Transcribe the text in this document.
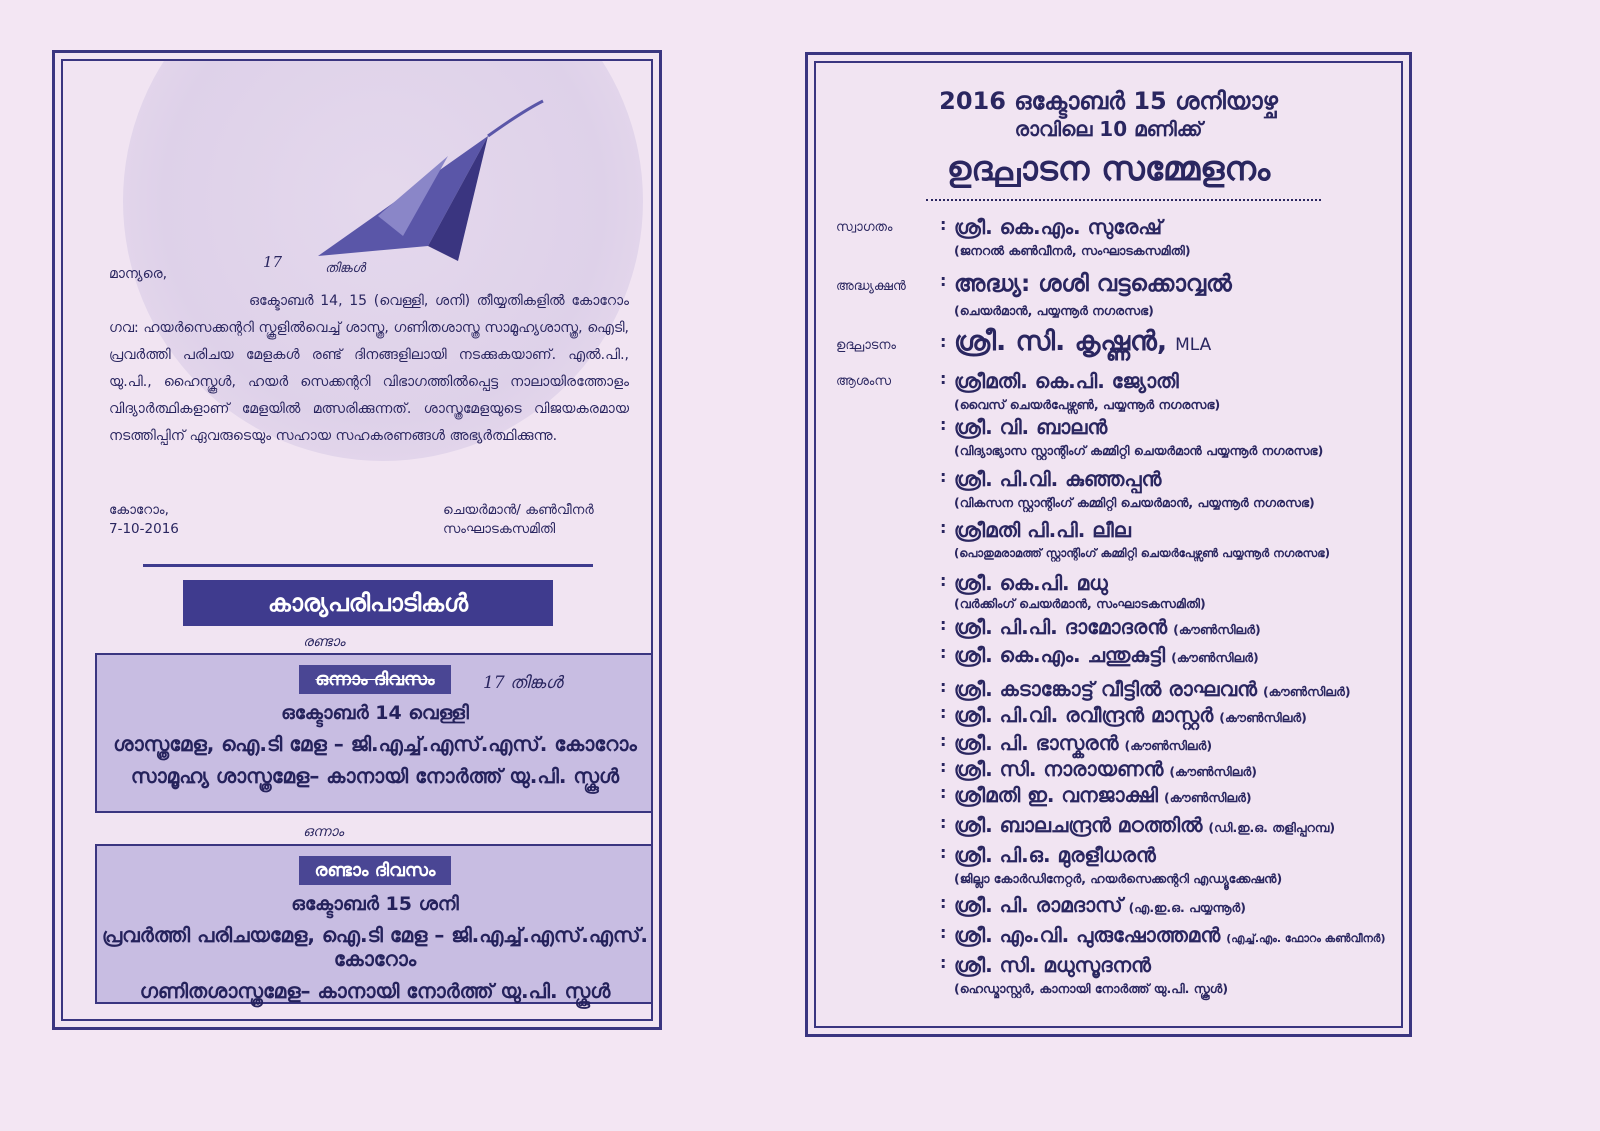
17	തിങ്കൾ

മാന്യരെ,

ഒക്ടോബർ 14, 15 (വെള്ളി, ശനി) തീയ്യതികളിൽ കോറോം ഗവ: ഹയർസെക്കന്ററി സ്കൂളിൽവെച്ച് ശാസ്ത്ര, ഗണിതശാസ്ത്ര സാമൂഹ്യശാസ്ത്ര, ഐടി, പ്രവർത്തി പരിചയ മേളകൾ രണ്ട് ദിനങ്ങളിലായി നടക്കുകയാണ്. എൽ.പി., യു.പി., ഹൈസ്കൂൾ, ഹയർ സെക്കന്ററി വിഭാഗത്തിൽപ്പെട്ട നാലായിരത്തോളം വിദ്യാർത്ഥികളാണ് മേളയിൽ മത്സരിക്കുന്നത്. ശാസ്ത്രമേളയുടെ വിജയകരമായ നടത്തിപ്പിന് ഏവരുടെയും സഹായ സഹകരണങ്ങൾ അഭ്യർത്ഥിക്കുന്നു.

കോറോം,
7-10-2016
ചെയർമാൻ/ കൺവീനർ
സംഘാടകസമിതി
കാര്യപരിപാടികൾ
രണ്ടാം
ഒന്നാം ദിവസം
ഒക്ടോബർ 14 വെള്ളി
ശാസ്ത്രമേള, ഐ.ടി മേള – ജി.എച്ച്.എസ്.എസ്. കോറോം
സാമൂഹ്യ ശാസ്ത്രമേള– കാനായി നോർത്ത് യു.പി. സ്കൂൾ
17 തിങ്കൾ
ഒന്നാം
രണ്ടാം ദിവസം
ഒക്ടോബർ 15 ശനി
പ്രവർത്തി പരിചയമേള, ഐ.ടി മേള – ജി.എച്ച്.എസ്.എസ്. കോറോം
ഗണിതശാസ്ത്രമേള– കാനായി നോർത്ത് യു.പി. സ്കൂൾ
2016 ഒക്ടോബർ 15 ശനിയാഴ്ച
രാവിലെ 10 മണിക്ക്
ഉദ്ഘാടന സമ്മേളനം
സ്വാഗതം	: ശ്രീ. കെ.എം. സുരേഷ്
(ജനറൽ കൺവീനർ, സംഘാടകസമിതി)
അദ്ധ്യക്ഷൻ	: അദ്ധ്യ: ശശി വട്ടക്കൊവ്വൽ
(ചെയർമാൻ, പയ്യന്നൂർ നഗരസഭ)
ഉദ്ഘാടനം	: ശ്രീ. സി. കൃഷ്ണൻ, MLA
ആശംസ	: ശ്രീമതി. കെ.പി. ജ്യോതി
(വൈസ് ചെയർപേഴ്സൺ, പയ്യന്നൂർ നഗരസഭ)
: ശ്രീ. വി. ബാലൻ
(വിദ്യാഭ്യാസ സ്റ്റാന്റിംഗ് കമ്മിറ്റി ചെയർമാൻ പയ്യന്നൂർ നഗരസഭ)
: ശ്രീ. പി.വി. കുഞ്ഞപ്പൻ
(വികസന സ്റ്റാന്റിംഗ് കമ്മിറ്റി ചെയർമാൻ, പയ്യന്നൂർ നഗരസഭ)
: ശ്രീമതി പി.പി. ലീല
(പൊതുമരാമത്ത് സ്റ്റാന്റിംഗ് കമ്മിറ്റി ചെയർപേഴ്സൺ പയ്യന്നൂർ നഗരസഭ)
: ശ്രീ. കെ.പി. മധു
(വർക്കിംഗ് ചെയർമാൻ, സംഘാടകസമിതി)
: ശ്രീ. പി.പി. ദാമോദരൻ (കൗൺസിലർ)
: ശ്രീ. കെ.എം. ചന്തുകുട്ടി (കൗൺസിലർ)
: ശ്രീ. കടാങ്കോട്ട് വീട്ടിൽ രാഘവൻ (കൗൺസിലർ)
: ശ്രീ. പി.വി. രവീന്ദ്രൻ മാസ്റ്റർ (കൗൺസിലർ)
: ശ്രീ. പി. ഭാസ്കരൻ (കൗൺസിലർ)
: ശ്രീ. സി. നാരായണൻ (കൗൺസിലർ)
: ശ്രീമതി ഇ. വനജാക്ഷി (കൗൺസിലർ)
: ശ്രീ. ബാലചന്ദ്രൻ മഠത്തിൽ (ഡി.ഇ.ഒ. തളിപ്പറമ്പ)
: ശ്രീ. പി.ഒ. മുരളീധരൻ
(ജില്ലാ കോർഡിനേറ്റർ, ഹയർസെക്കന്ററി എഡ്യൂക്കേഷൻ)
: ശ്രീ. പി. രാമദാസ് (എ.ഇ.ഒ. പയ്യന്നൂർ)
: ശ്രീ. എം.വി. പുരുഷോത്തമൻ (എച്ച്.എം. ഫോറം കൺവീനർ)
: ശ്രീ. സി. മധുസൂദനൻ
(ഹെഡ്മാസ്റ്റർ, കാനായി നോർത്ത് യു.പി. സ്കൂൾ)
